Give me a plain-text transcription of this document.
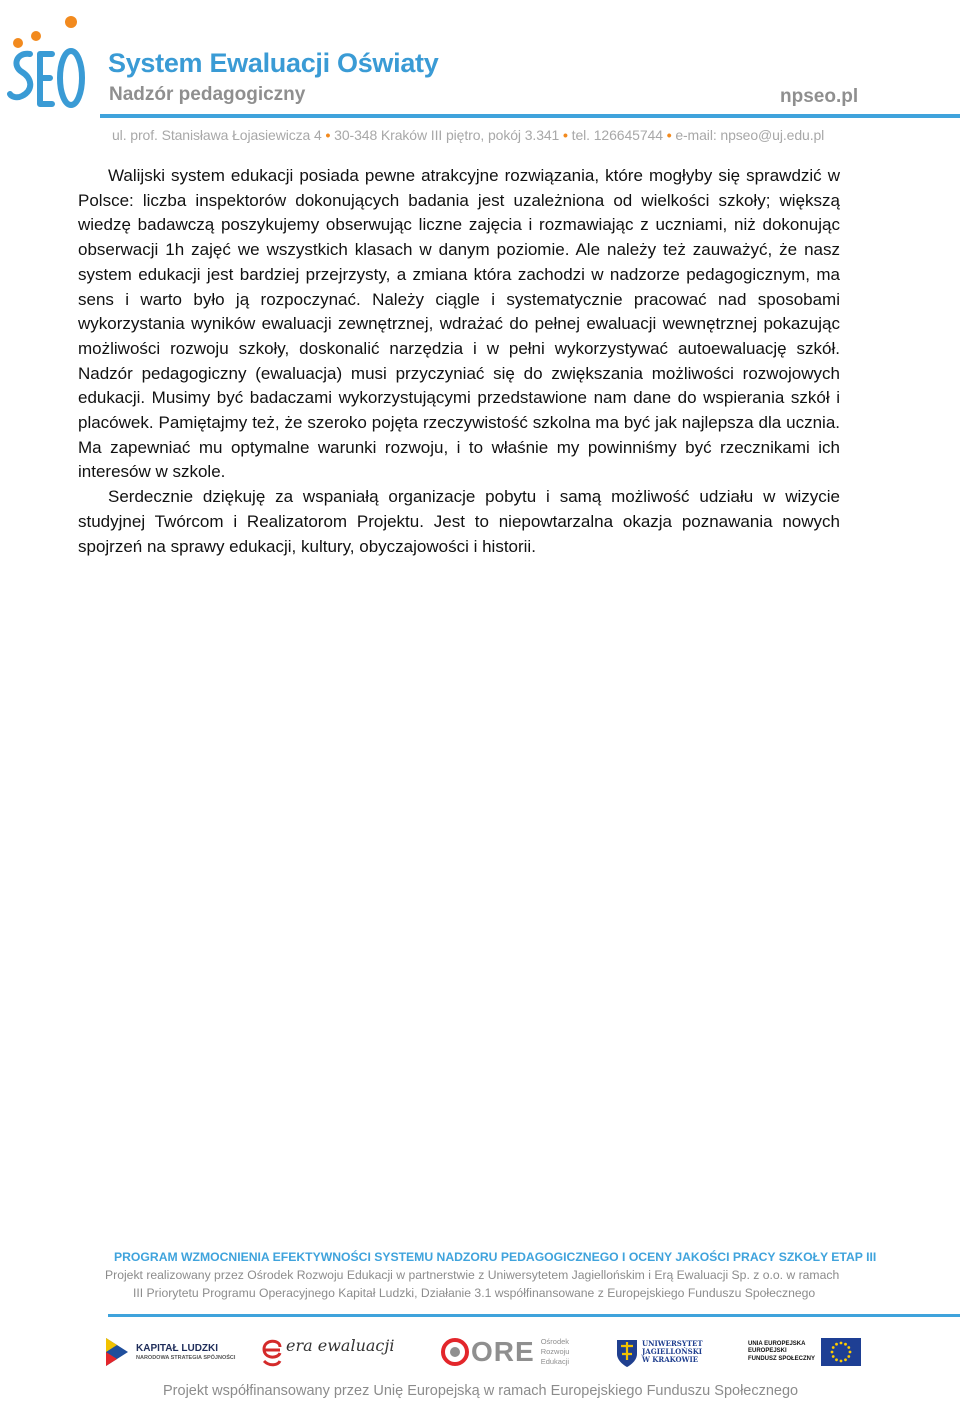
System Ewaluacji Oświaty
Nadzór pedagogiczny	npseo.pl
ul. prof. Stanisława Łojasiewicza 4 • 30-348 Kraków III piętro, pokój 3.341 • tel. 126645744 • e-mail: npseo@uj.edu.pl

Walijski system edukacji posiada pewne atrakcyjne rozwiązania, które mogłyby się sprawdzić w Polsce: liczba inspektorów dokonujących badania jest uzależniona od wielkości szkoły; większą wiedzę badawczą poszykujemy obserwując liczne zajęcia i rozmawiając z uczniami, niż dokonując obserwacji 1h zajęć we wszystkich klasach w danym poziomie. Ale należy też zauważyć, że nasz system edukacji jest bardziej przejrzysty, a zmiana która zachodzi w nadzorze pedagogicznym, ma sens i warto było ją rozpoczynać. Należy ciągle i systematycznie pracować nad sposobami wykorzystania wyników ewaluacji zewnętrznej, wdrażać do pełnej ewaluacji wewnętrznej pokazując możliwości rozwoju szkoły, doskonalić narzędzia i w pełni wykorzystywać autoewaluację szkół. Nadzór pedagogiczny (ewaluacja) musi przyczyniać się do zwiększania możliwości rozwojowych edukacji. Musimy być badaczami wykorzystującymi przedstawione nam dane do wspierania szkół i placówek. Pamiętajmy też, że szeroko pojęta rzeczywistość szkolna ma być jak najlepsza dla ucznia. Ma zapewniać mu optymalne warunki rozwoju, i to właśnie my powinniśmy być rzecznikami ich interesów w szkole.

Serdecznie dziękuję za wspaniałą organizacje pobytu i samą możliwość udziału w wizycie studyjnej Twórcom i Realizatorom Projektu. Jest to niepowtarzalna okazja poznawania nowych spojrzeń na sprawy edukacji, kultury, obyczajowości i historii.

PROGRAM WZMOCNIENIA EFEKTYWNOŚCI SYSTEMU NADZORU PEDAGOGICZNEGO I OCENY JAKOŚCI PRACY SZKOŁY ETAP III
Projekt realizowany przez Ośrodek Rozwoju Edukacji w partnerstwie z Uniwersytetem Jagiellońskim i Erą Ewaluacji Sp. z o.o. w ramach
III Priorytetu Programu Operacyjnego Kapitał Ludzki, Działanie 3.1 współfinansowane z Europejskiego Funduszu Społecznego
KAPITAŁ LUDZKI
NARODOWA STRATEGIA SPÓJNOŚCI
era ewaluacji	ORE Ośrodek
Rozwoju
Edukacji
UNIWERSYTET
JAGIELLOŃSKI
W KRAKOWIE
UNIA EUROPEJSKA
EUROPEJSKI
FUNDUSZ SPOŁECZNY
Projekt współfinansowany przez Unię Europejską w ramach Europejskiego Funduszu Społecznego
